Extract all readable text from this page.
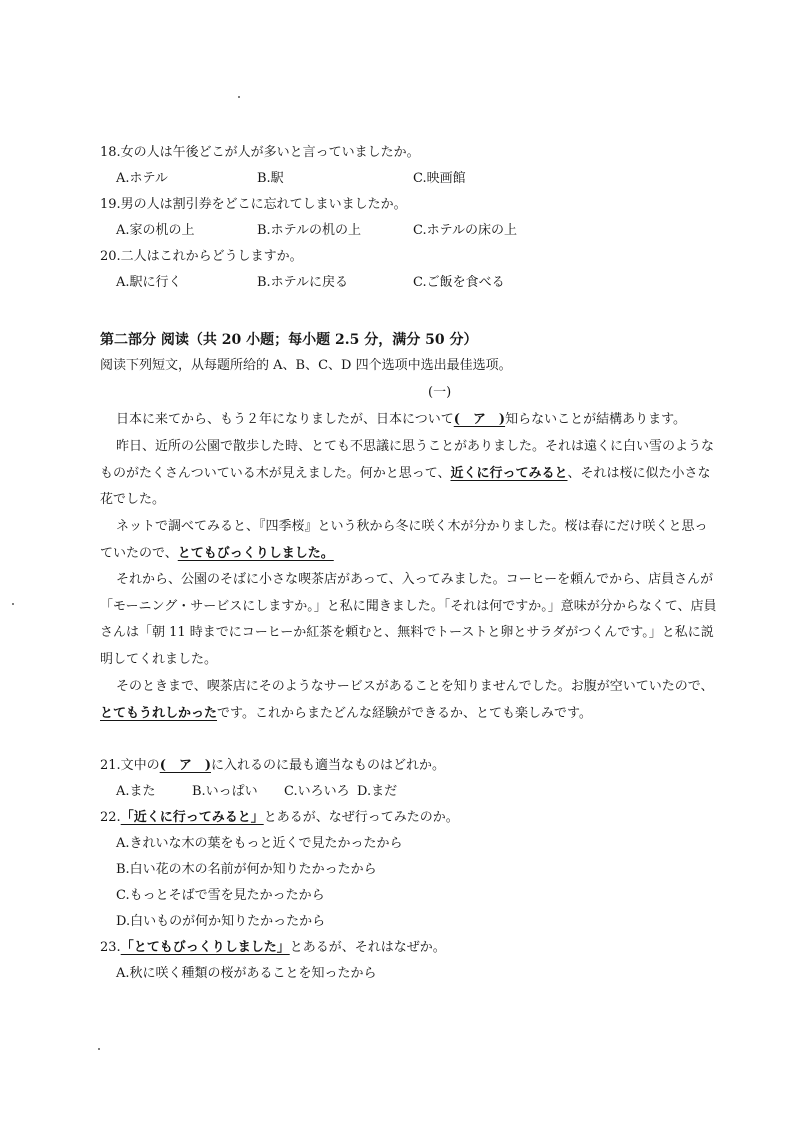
18.女の人は午後どこが人が多いと言っていましたか。
A.ホテル	B.駅	C.映画館
19.男の人は割引券をどこに忘れてしまいましたか。
A.家の机の上	B.ホテルの机の上	C.ホテルの床の上
20.二人はこれからどうしますか。
A.駅に行く	B.ホテルに戻る	C.ご飯を食べる
第二部分 阅读（共 20 小题；每小题 2.5 分，满分 50 分）
阅读下列短文，从每题所给的 A、B、C、D 四个选项中选出最佳选项。
(一)
日本に来てから、もう２年になりましたが、日本について(　ア　)知らないことが結構あります。
昨日、近所の公園で散歩した時、とても不思議に思うことがありました。それは遠くに白い雪のようなものがたくさんついている木が見えました。何かと思って、近くに行ってみると、それは桜に似た小さな花でした。
ネットで調べてみると、『四季桜』という秋から冬に咲く木が分かりました。桜は春にだけ咲くと思っていたので、とてもびっくりしました。
それから、公園のそばに小さな喫茶店があって、入ってみました。コーヒーを頼んでから、店員さんが「モーニング・サービスにしますか。」と私に聞きました。「それは何ですか。」意味が分からなくて、店員さんは「朝 11 時までにコーヒーか紅茶を頼むと、無料でトーストと卵とサラダがつくんです。」と私に説明してくれました。
そのときまで、喫茶店にそのようなサービスがあることを知りませんでした。お腹が空いていたので、とてもうれしかったです。これからまたどんな経験ができるか、とても楽しみです。
21.文中の(　ア　)に入れるのに最も適当なものはどれか。
A.また	B.いっぱい C.いろいろ D.まだ
22.「近くに行ってみると」とあるが、なぜ行ってみたのか。
A.きれいな木の葉をもっと近くで見たかったから
B.白い花の木の名前が何か知りたかったから
C.もっとそばで雪を見たかったから
D.白いものが何か知りたかったから
23.「とてもびっくりしました」とあるが、それはなぜか。
A.秋に咲く種類の桜があることを知ったから
